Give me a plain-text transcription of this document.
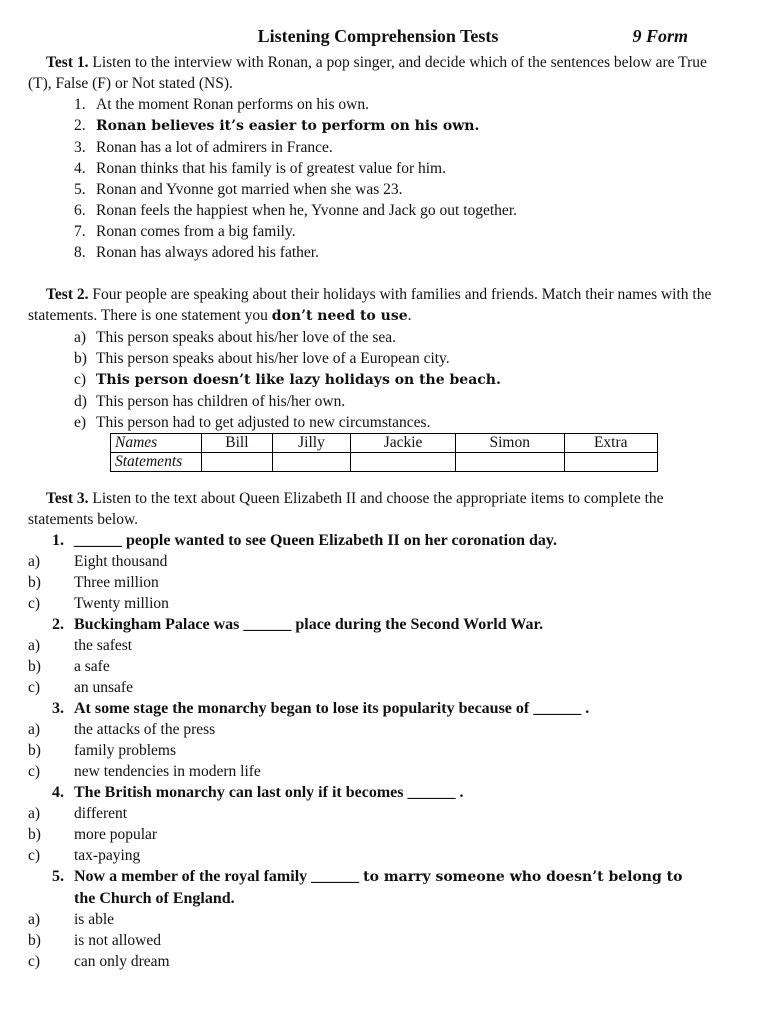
Listening Comprehension Tests	9 Form

Test 1. Listen to the interview with Ronan, a pop singer, and decide which of the sentences below are True (T), False (F) or Not stated (NS).

1. At the moment Ronan performs on his own.
2. Ronan believes it’s easier to perform on his own.
3. Ronan has a lot of admirers in France.
4. Ronan thinks that his family is of greatest value for him.
5. Ronan and Yvonne got married when she was 23.
6. Ronan feels the happiest when he, Yvonne and Jack go out together.
7. Ronan comes from a big family.
8. Ronan has always adored his father.

Test 2. Four people are speaking about their holidays with families and friends. Match their names with the statements. There is one statement you don’t need to use.

a) This person speaks about his/her love of the sea.
b) This person speaks about his/her love of a European city.
c) This person doesn’t like lazy holidays on the beach.
d) This person has children of his/her own.
e) This person had to get adjusted to new circumstances.
Names	Bill	Jilly	Jackie	Simon	Extra
Statements					

Test 3. Listen to the text about Queen Elizabeth II and choose the appropriate items to complete the statements below.

1. ______ people wanted to see Queen Elizabeth II on her coronation day.
a) Eight thousand
b) Three million
c) Twenty million
2. Buckingham Palace was ______ place during the Second World War.
a) the safest
b) a safe
c) an unsafe
3. At some stage the monarchy began to lose its popularity because of ______ .
a) the attacks of the press
b) family problems
c) new tendencies in modern life
4. The British monarchy can last only if it becomes ______ .
a) different
b) more popular
c) tax-paying
5. Now a member of the royal family ______ to marry someone who doesn’t belong to
the Church of England.
a) is able
b) is not allowed
c) can only dream
